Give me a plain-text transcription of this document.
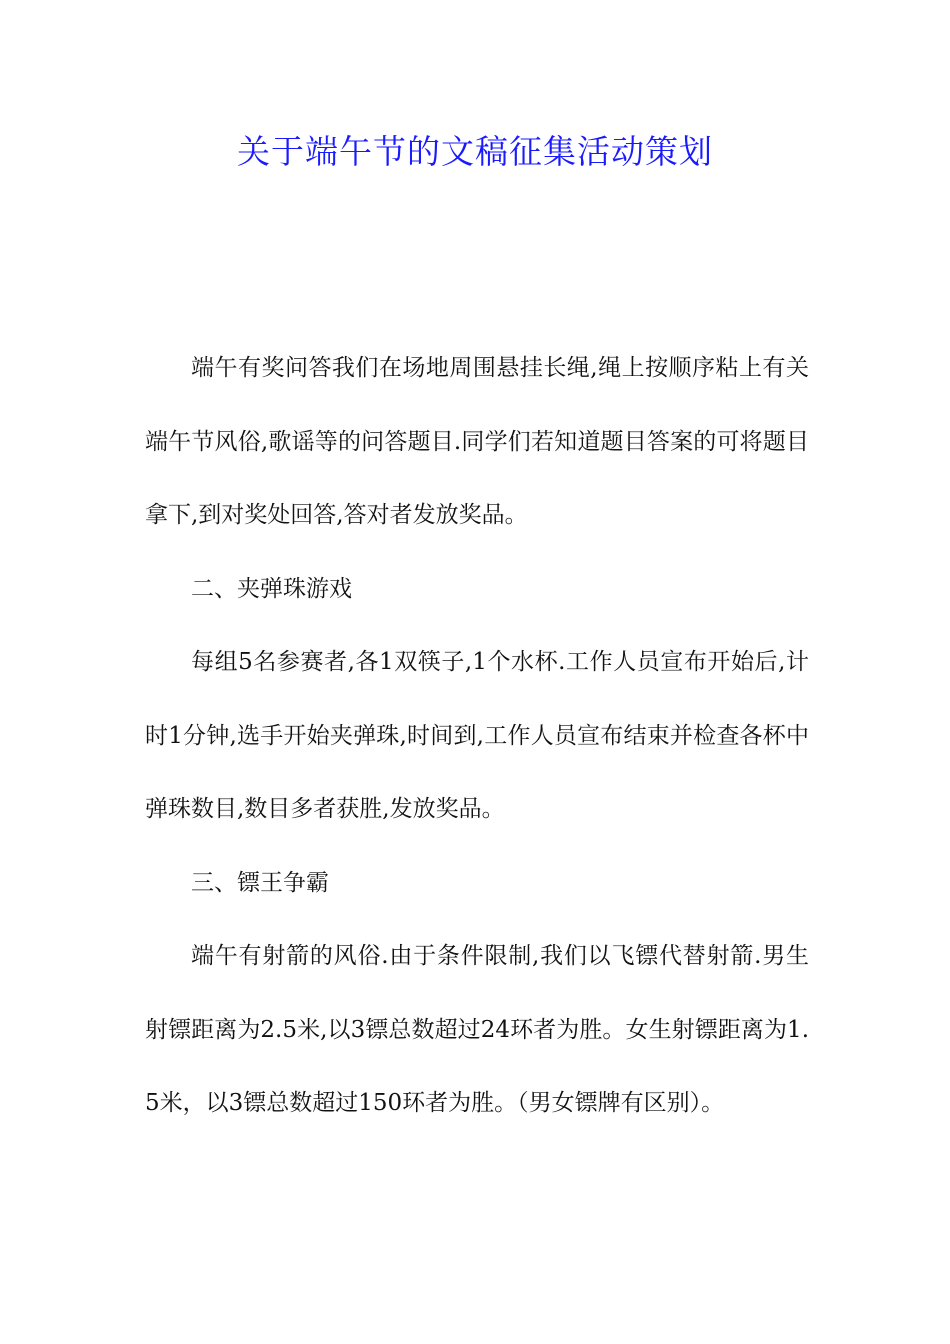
关于端午节的文稿征集活动策划

端午有奖问答我们在场地周围悬挂长绳,绳上按顺序粘上有关端午节风俗,歌谣等的问答题目.同学们若知道题目答案的可将题目拿下,到对奖处回答,答对者发放奖品。

二、夹弹珠游戏

每组5名参赛者,各1双筷子,1个水杯.工作人员宣布开始后,计时1分钟,选手开始夹弹珠,时间到,工作人员宣布结束并检查各杯中弹珠数目,数目多者获胜,发放奖品。

三、镖王争霸

端午有射箭的风俗.由于条件限制,我们以飞镖代替射箭.男生射镖距离为2.5米,以3镖总数超过24环者为胜。女生射镖距离为1.5米，以3镖总数超过150环者为胜。（男女镖牌有区别）。
